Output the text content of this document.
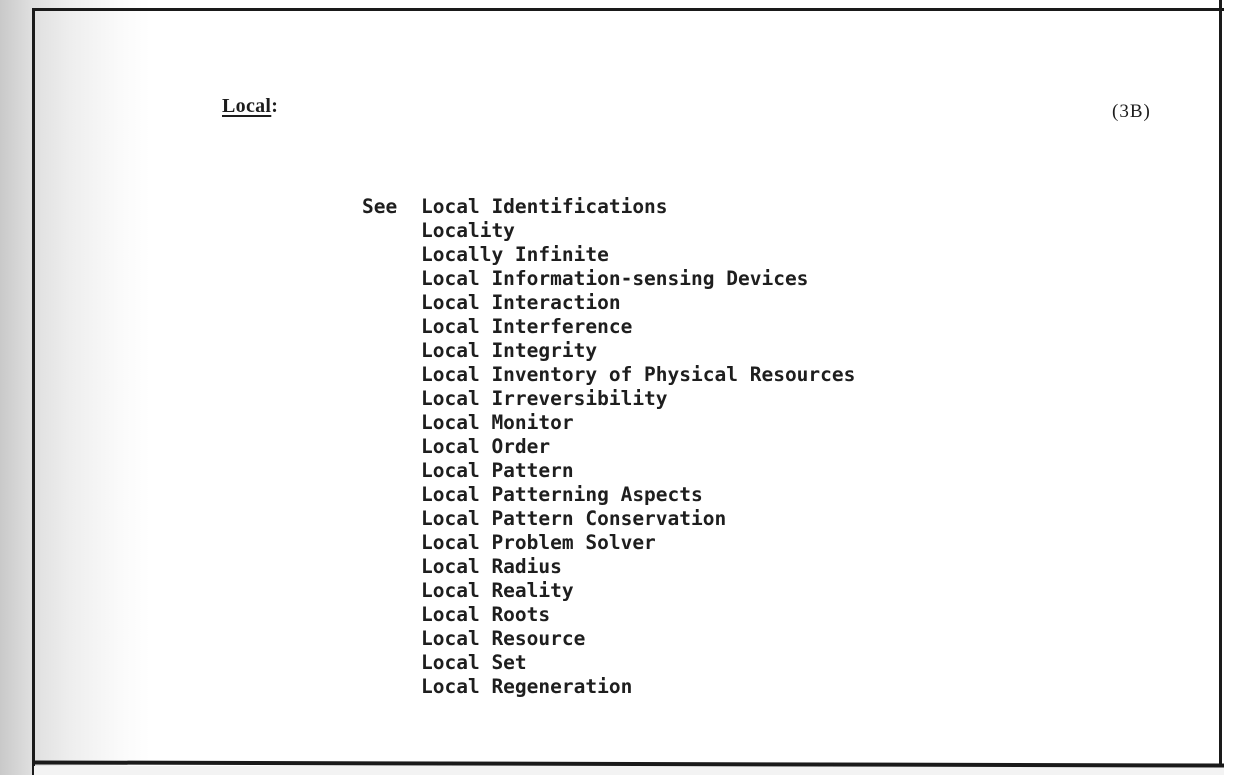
Local:	(3B)
See Local Identifications
Locality
Locally Infinite
Local Information-sensing Devices
Local Interaction
Local Interference
Local Integrity
Local Inventory of Physical Resources
Local Irreversibility
Local Monitor
Local Order
Local Pattern
Local Patterning Aspects
Local Pattern Conservation
Local Problem Solver
Local Radius
Local Reality
Local Roots
Local Resource
Local Set
Local Regeneration
